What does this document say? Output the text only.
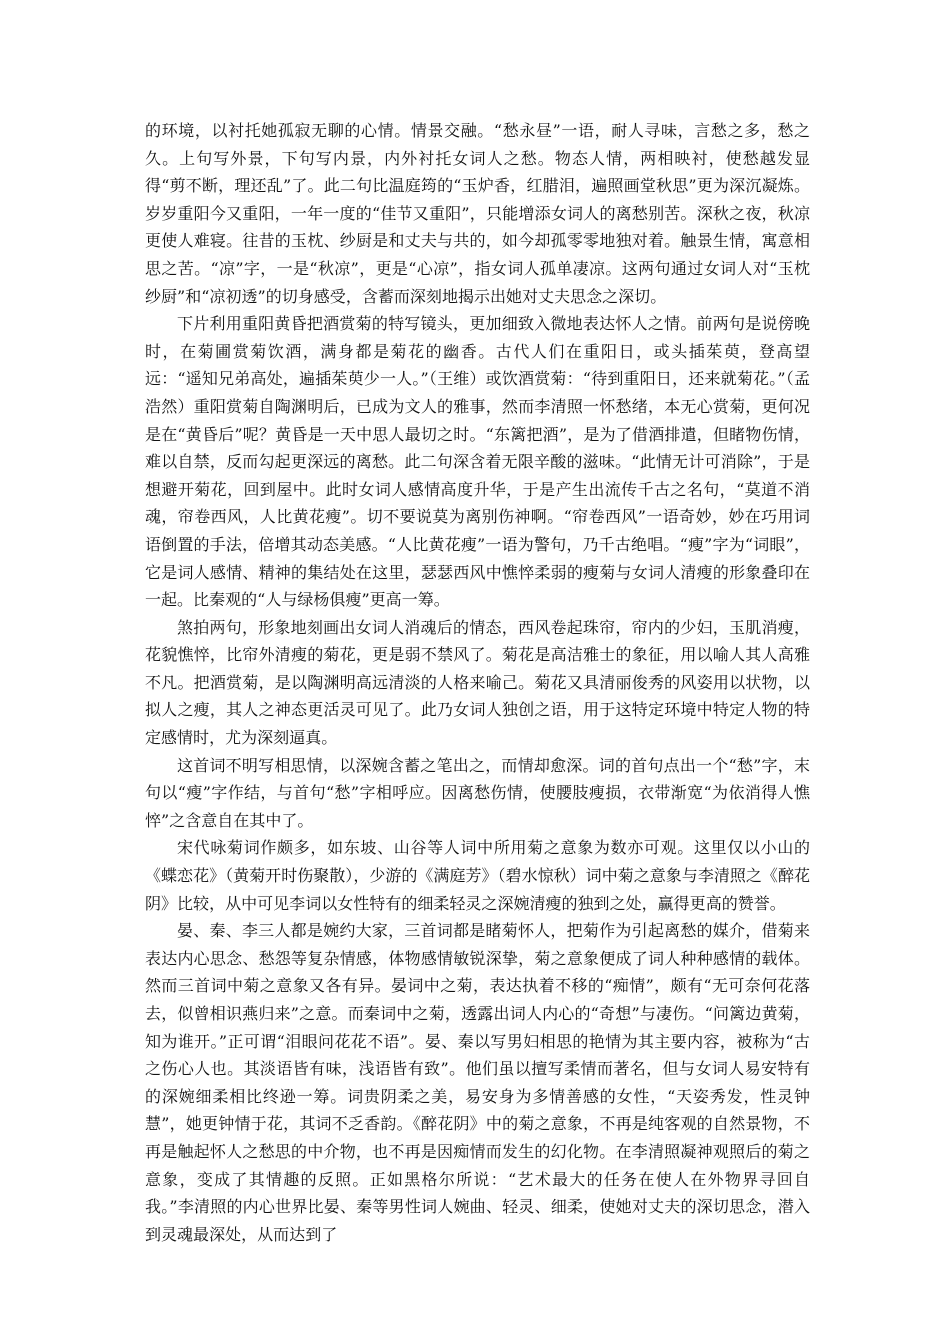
的环境，以衬托她孤寂无聊的心情。情景交融。“愁永昼”一语，耐人寻味，言愁之多，愁之久。上句写外景，下句写内景，内外衬托女词人之愁。物态人情，两相映衬，使愁越发显得“剪不断，理还乱”了。此二句比温庭筠的“玉炉香，红腊泪，遍照画堂秋思”更为深沉凝炼。岁岁重阳今又重阳，一年一度的“佳节又重阳”，只能增添女词人的离愁别苦。深秋之夜，秋凉更使人难寝。往昔的玉枕、纱厨是和丈夫与共的，如今却孤零零地独对着。触景生情，寓意相思之苦。“凉”字，一是“秋凉”，更是“心凉”，指女词人孤单凄凉。这两句通过女词人对“玉枕纱厨”和“凉初透”的切身感受，含蓄而深刻地揭示出她对丈夫思念之深切。

下片利用重阳黄昏把酒赏菊的特写镜头，更加细致入微地表达怀人之情。前两句是说傍晚时，在菊圃赏菊饮酒，满身都是菊花的幽香。古代人们在重阳日，或头插茱萸，登高望远：“遥知兄弟高处，遍插茱萸少一人。”（王维）或饮酒赏菊：“待到重阳日，还来就菊花。”（孟浩然）重阳赏菊自陶渊明后，已成为文人的雅事，然而李清照一怀愁绪，本无心赏菊，更何况是在“黄昏后”呢？黄昏是一天中思人最切之时。“东篱把酒”，是为了借酒排遣，但睹物伤情，难以自禁，反而勾起更深远的离愁。此二句深含着无限辛酸的滋味。“此情无计可消除”，于是想避开菊花，回到屋中。此时女词人感情高度升华，于是产生出流传千古之名句，“莫道不消魂，帘卷西风，人比黄花瘦”。切不要说莫为离别伤神啊。“帘卷西风”一语奇妙，妙在巧用词语倒置的手法，倍增其动态美感。“人比黄花瘦”一语为警句，乃千古绝唱。“瘦”字为“词眼”，它是词人感情、精神的集结处在这里，瑟瑟西风中憔悴柔弱的瘦菊与女词人清瘦的形象叠印在一起。比秦观的“人与绿杨俱瘦”更高一筹。

煞拍两句，形象地刻画出女词人消魂后的情态，西风卷起珠帘，帘内的少妇，玉肌消瘦，花貌憔悴，比帘外清瘦的菊花，更是弱不禁风了。菊花是高洁雅士的象征，用以喻人其人高雅不凡。把酒赏菊，是以陶渊明高远清淡的人格来喻己。菊花又具清丽俊秀的风姿用以状物，以拟人之瘦，其人之神态更活灵可见了。此乃女词人独创之语，用于这特定环境中特定人物的特定感情时，尤为深刻逼真。

这首词不明写相思情，以深婉含蓄之笔出之，而情却愈深。词的首句点出一个“愁”字，末句以“瘦”字作结，与首句“愁”字相呼应。因离愁伤情，使腰肢瘦损，衣带渐宽“为依消得人憔悴”之含意自在其中了。

宋代咏菊词作颇多，如东坡、山谷等人词中所用菊之意象为数亦可观。这里仅以小山的《蝶恋花》（黄菊开时伤聚散），少游的《满庭芳》（碧水惊秋）词中菊之意象与李清照之《醉花阴》比较，从中可见李词以女性特有的细柔轻灵之深婉清瘦的独到之处，赢得更高的赞誉。

晏、秦、李三人都是婉约大家，三首词都是睹菊怀人，把菊作为引起离愁的媒介，借菊来表达内心思念、愁怨等复杂情感，体物感情敏锐深挚，菊之意象便成了词人种种感情的载体。然而三首词中菊之意象又各有异。晏词中之菊，表达执着不移的“痴情”，颇有“无可奈何花落去，似曾相识燕归来”之意。而秦词中之菊，透露出词人内心的“奇想”与凄伤。“问篱边黄菊，知为谁开。”正可谓“泪眼问花花不语”。晏、秦以写男妇相思的艳情为其主要内容，被称为“古之伤心人也。其淡语皆有味，浅语皆有致”。他们虽以擅写柔情而著名，但与女词人易安特有的深婉细柔相比终逊一筹。词贵阴柔之美，易安身为多情善感的女性，“天姿秀发，性灵钟慧”，她更钟情于花，其词不乏香韵。《醉花阴》中的菊之意象，不再是纯客观的自然景物，不再是触起怀人之愁思的中介物，也不再是因痴情而发生的幻化物。在李清照凝神观照后的菊之意象，变成了其情趣的反照。正如黑格尔所说：“艺术最大的任务在使人在外物界寻回自我。”李清照的内心世界比晏、秦等男性词人婉曲、轻灵、细柔，使她对丈夫的深切思念，潜入到灵魂最深处，从而达到了
